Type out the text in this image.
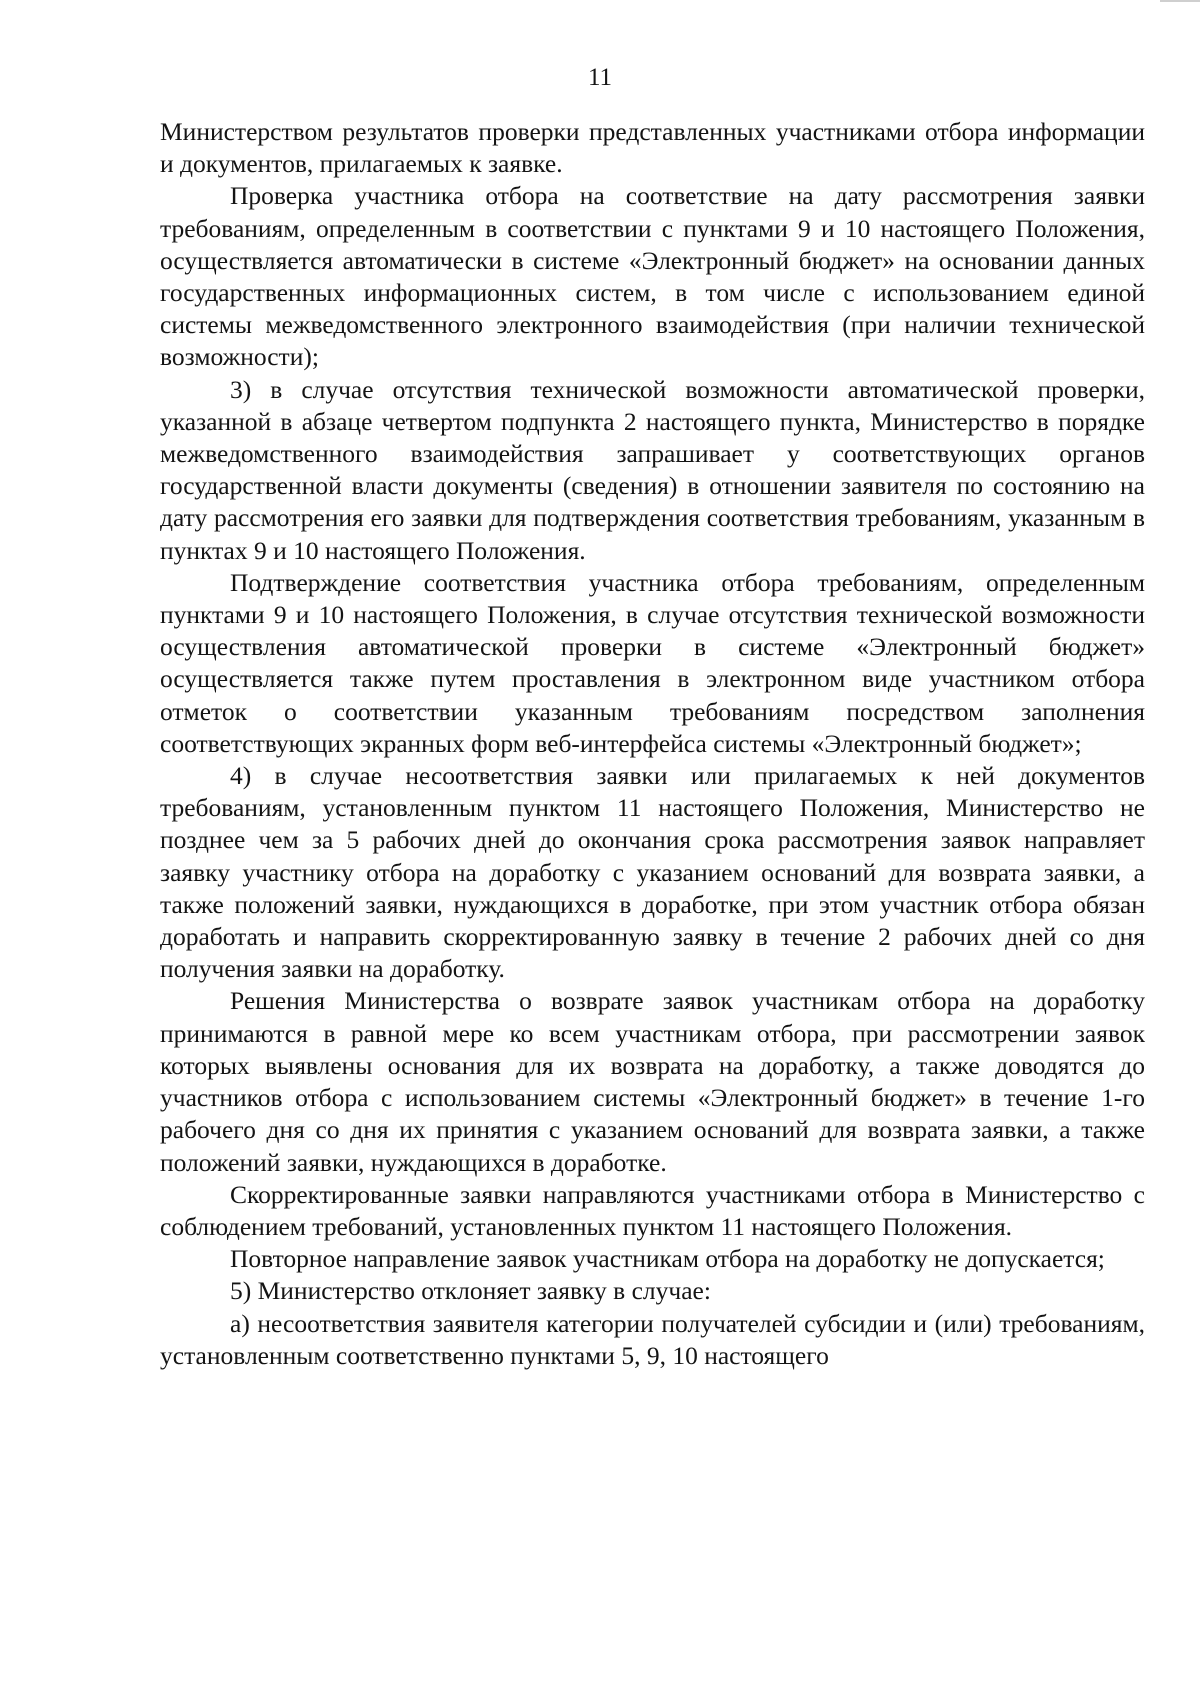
11

Министерством результатов проверки представленных участниками отбора информации и документов, прилагаемых к заявке.

Проверка участника отбора на соответствие на дату рассмотрения заявки требованиям, определенным в соответствии с пунктами 9 и 10 настоящего Положения, осуществляется автоматически в системе «Электронный бюджет» на основании данных государственных информационных систем, в том числе с использованием единой системы межведомственного электронного взаимодействия (при наличии технической возможности);

3) в случае отсутствия технической возможности автоматической проверки, указанной в абзаце четвертом подпункта 2 настоящего пункта, Министерство в порядке межведомственного взаимодействия запрашивает у соответствующих органов государственной власти документы (сведения) в отношении заявителя по состоянию на дату рассмотрения его заявки для подтверждения соответствия требованиям, указанным в пунктах 9 и 10 настоящего Положения.

Подтверждение соответствия участника отбора требованиям, определенным пунктами 9 и 10 настоящего Положения, в случае отсутствия технической возможности осуществления автоматической проверки в системе «Электронный бюджет» осуществляется также путем проставления в электронном виде участником отбора отметок о соответствии указанным требованиям посредством заполнения соответствующих экранных форм веб-интерфейса системы «Электронный бюджет»;

4) в случае несоответствия заявки или прилагаемых к ней документов требованиям, установленным пунктом 11 настоящего Положения, Министерство не позднее чем за 5 рабочих дней до окончания срока рассмотрения заявок направляет заявку участнику отбора на доработку с указанием оснований для возврата заявки, а также положений заявки, нуждающихся в доработке, при этом участник отбора обязан доработать и направить скорректированную заявку в течение 2 рабочих дней со дня получения заявки на доработку.

Решения Министерства о возврате заявок участникам отбора на доработку принимаются в равной мере ко всем участникам отбора, при рассмотрении заявок которых выявлены основания для их возврата на доработку, а также доводятся до участников отбора с использованием системы «Электронный бюджет» в течение 1-го рабочего дня со дня их принятия с указанием оснований для возврата заявки, а также положений заявки, нуждающихся в доработке.

Скорректированные заявки направляются участниками отбора в Министерство с соблюдением требований, установленных пунктом 11 настоящего Положения.

Повторное направление заявок участникам отбора на доработку не допускается;

5) Министерство отклоняет заявку в случае:

а) несоответствия заявителя категории получателей субсидии и (или) требованиям, установленным соответственно пунктами 5, 9, 10 настоящего
